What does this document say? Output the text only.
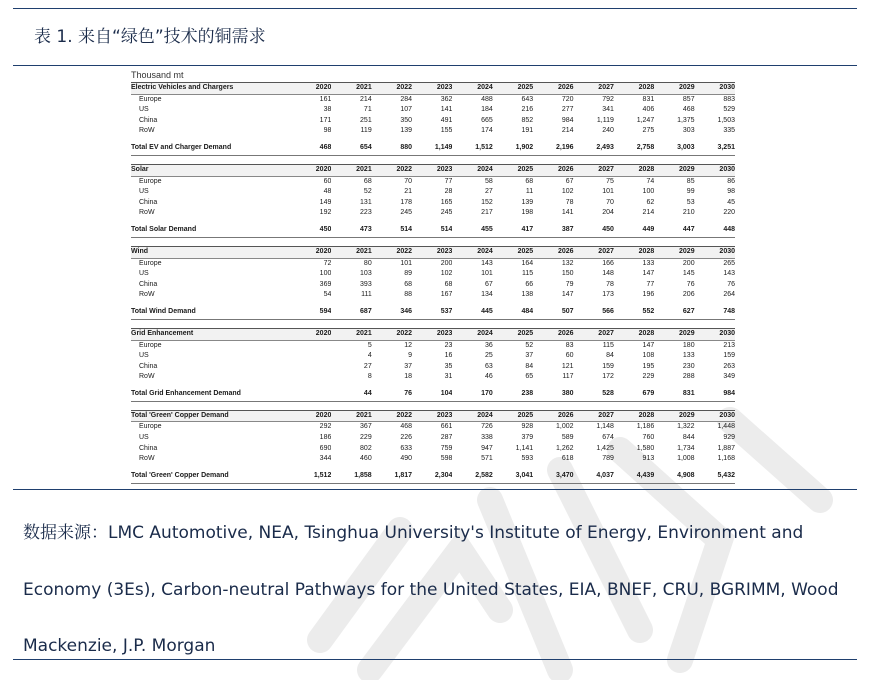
表 1. 来自“绿色”技术的铜需求
Thousand mt
Electric Vehicles and Chargers	2020	2021	2022	2023	2024	2025	2026	2027	2028	2029	2030
Europe	161	214	284	362	488	643	720	792	831	857	883
US	38	71	107	141	184	216	277	341	406	468	529
China	171	251	350	491	665	852	984	1,119	1,247	1,375	1,503
RoW	98	119	139	155	174	191	214	240	275	303	335

Total EV and Charger Demand	468	654	880	1,149	1,512	1,902	2,196	2,493	2,758	3,003	3,251

Solar	2020	2021	2022	2023	2024	2025	2026	2027	2028	2029	2030
Europe	60	68	70	77	58	68	67	75	74	85	86
US	48	52	21	28	27	11	102	101	100	99	98
China	149	131	178	165	152	139	78	70	62	53	45
RoW	192	223	245	245	217	198	141	204	214	210	220

Total Solar Demand	450	473	514	514	455	417	387	450	449	447	448

Wind	2020	2021	2022	2023	2024	2025	2026	2027	2028	2029	2030
Europe	72	80	101	200	143	164	132	166	133	200	265
US	100	103	89	102	101	115	150	148	147	145	143
China	369	393	68	68	67	66	79	78	77	76	76
RoW	54	111	88	167	134	138	147	173	196	206	264

Total Wind Demand	594	687	346	537	445	484	507	566	552	627	748

Grid Enhancement	2020	2021	2022	2023	2024	2025	2026	2027	2028	2029	2030
Europe		5	12	23	36	52	83	115	147	180	213
US		4	9	16	25	37	60	84	108	133	159
China		27	37	35	63	84	121	159	195	230	263
RoW		8	18	31	46	65	117	172	229	288	349

Total Grid Enhancement Demand		44	76	104	170	238	380	528	679	831	984

Total 'Green' Copper Demand	2020	2021	2022	2023	2024	2025	2026	2027	2028	2029	2030
Europe	292	367	468	661	726	928	1,002	1,148	1,186	1,322	1,448
US	186	229	226	287	338	379	589	674	760	844	929
China	690	802	633	759	947	1,141	1,262	1,425	1,580	1,734	1,887
RoW	344	460	490	598	571	593	618	789	913	1,008	1,168

Total 'Green' Copper Demand	1,512	1,858	1,817	2,304	2,582	3,041	3,470	4,037	4,439	4,908	5,432
数据来源：LMC Automotive, NEA, Tsinghua University's Institute of Energy, Environment and Economy (3Es), Carbon-neutral Pathways for the United States, EIA, BNEF, CRU, BGRIMM, Wood Mackenzie, J.P. Morgan
